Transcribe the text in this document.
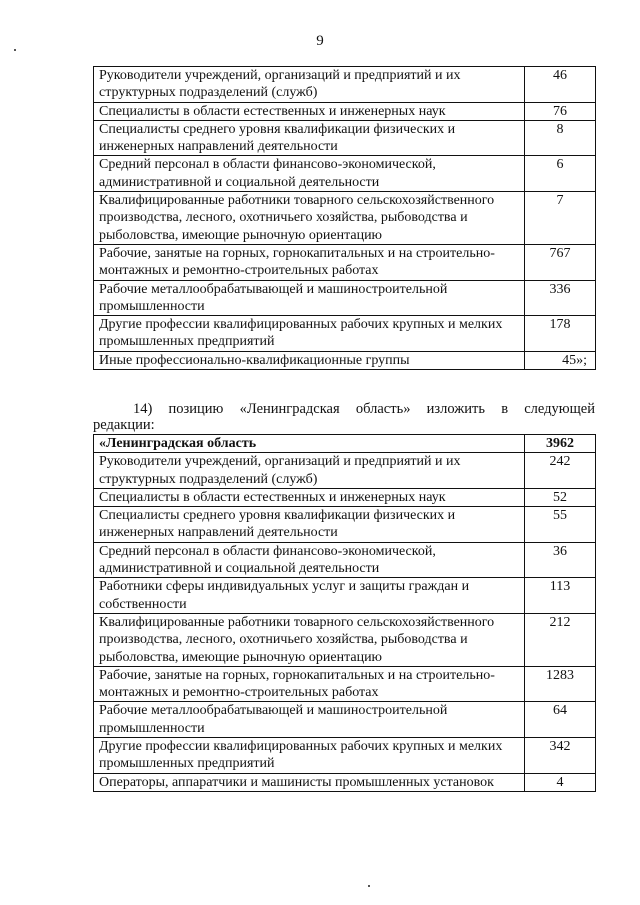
9
Руководители учреждений, организаций и предприятий и их структурных подразделений (служб)	46
Специалисты в области естественных и инженерных наук	76
Специалисты среднего уровня квалификации физических и инженерных направлений деятельности	8
Средний персонал в области финансово-экономической, административной и социальной деятельности	6
Квалифицированные работники товарного сельскохозяйственного производства, лесного, охотничьего хозяйства, рыбоводства и рыболовства, имеющие рыночную ориентацию	7
Рабочие, занятые на горных, горнокапитальных и на строительно-монтажных и ремонтно-строительных работах	767
Рабочие металлообрабатывающей и машиностроительной промышленности	336
Другие профессии квалифицированных рабочих крупных и мелких промышленных предприятий	178
Иные профессионально-квалификационные группы	45»;
14) позицию «Ленинградская область» изложить в следующей
редакции:
«Ленинградская область	3962
Руководители учреждений, организаций и предприятий и их структурных подразделений (служб)	242
Специалисты в области естественных и инженерных наук	52
Специалисты среднего уровня квалификации физических и инженерных направлений деятельности	55
Средний персонал в области финансово-экономической, административной и социальной деятельности	36
Работники сферы индивидуальных услуг и защиты граждан и собственности	113
Квалифицированные работники товарного сельскохозяйственного производства, лесного, охотничьего хозяйства, рыбоводства и рыболовства, имеющие рыночную ориентацию	212
Рабочие, занятые на горных, горнокапитальных и на строительно-монтажных и ремонтно-строительных работах	1283
Рабочие металлообрабатывающей и машиностроительной промышленности	64
Другие профессии квалифицированных рабочих крупных и мелких промышленных предприятий	342
Операторы, аппаратчики и машинисты промышленных установок	4
